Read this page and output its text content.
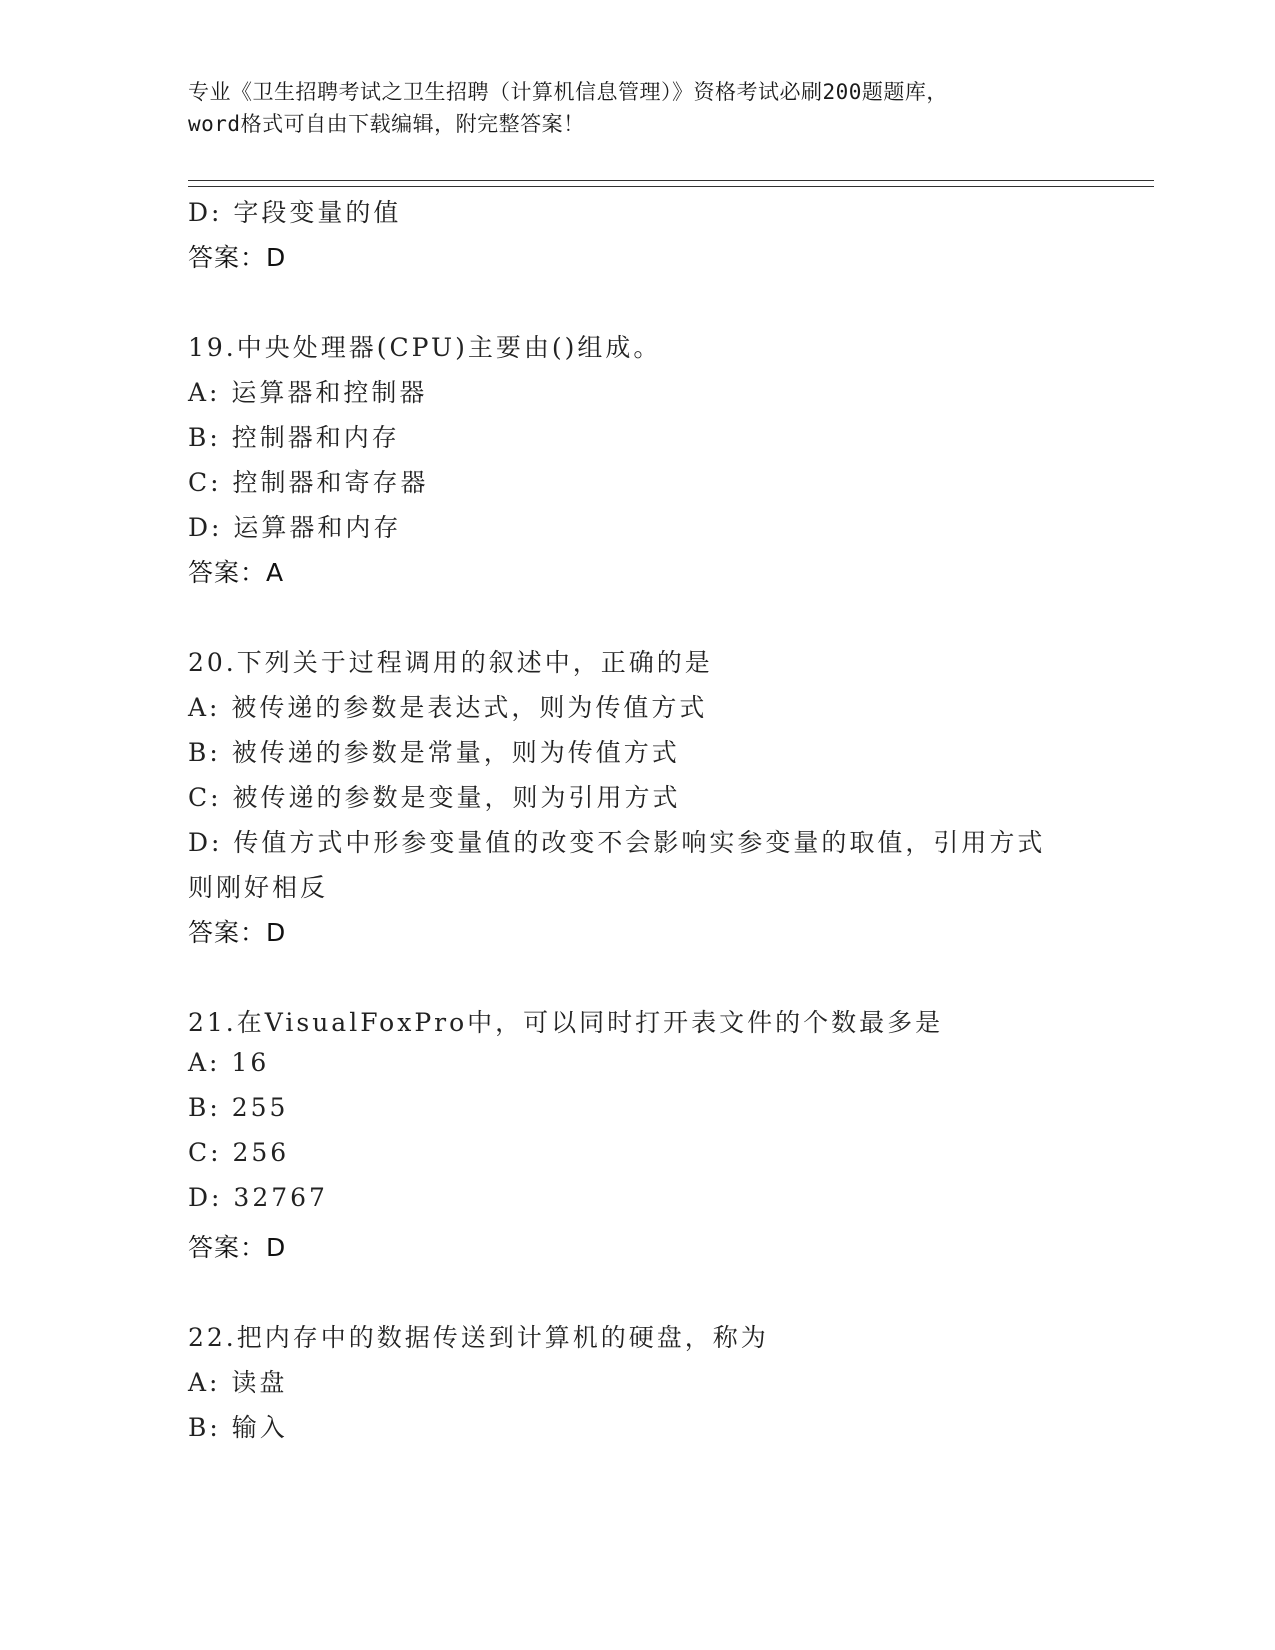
专业《卫生招聘考试之卫生招聘（计算机信息管理）》资格考试必刷200题题库，
word格式可自由下载编辑，附完整答案！
D: 字段变量的值
答案：D
19.中央处理器(CPU)主要由()组成。
A: 运算器和控制器
B: 控制器和内存
C: 控制器和寄存器
D: 运算器和内存
答案：A
20.下列关于过程调用的叙述中，正确的是
A: 被传递的参数是表达式，则为传值方式
B: 被传递的参数是常量，则为传值方式
C: 被传递的参数是变量，则为引用方式
D: 传值方式中形参变量值的改变不会影响实参变量的取值，引用方式
则刚好相反
答案：D
21.在VisualFoxPro中，可以同时打开表文件的个数最多是
A: 16
B: 255
C: 256
D: 32767
答案：D
22.把内存中的数据传送到计算机的硬盘，称为
A: 读盘
B: 输入
